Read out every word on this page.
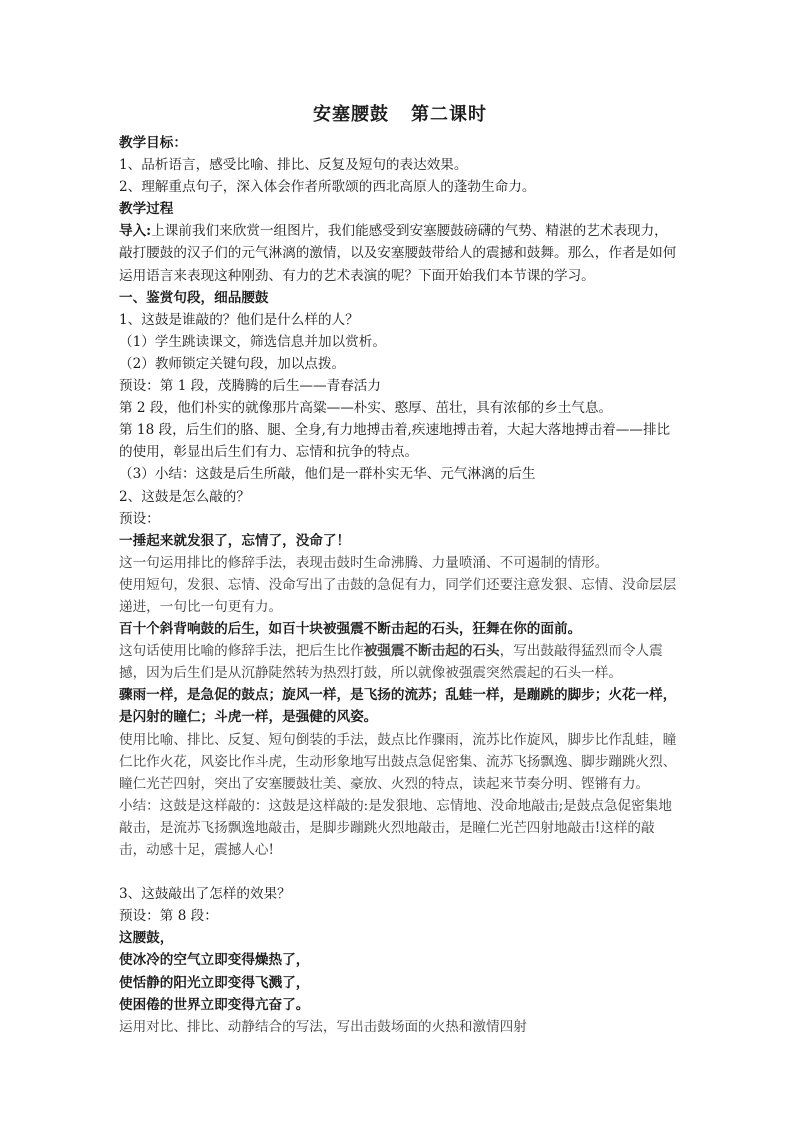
安塞腰鼓 第二课时

教学目标：

1、品析语言，感受比喻、排比、反复及短句的表达效果。

2、理解重点句子，深入体会作者所歌颂的西北高原人的蓬勃生命力。

教学过程

导入:上课前我们来欣赏一组图片，我们能感受到安塞腰鼓磅礴的气势、精湛的艺术表现力，敲打腰鼓的汉子们的元气淋漓的激情，以及安塞腰鼓带给人的震撼和鼓舞。那么，作者是如何运用语言来表现这种刚劲、有力的艺术表演的呢？下面开始我们本节课的学习。

一、鉴赏句段，细品腰鼓

1、这鼓是谁敲的？他们是什么样的人？

（1）学生跳读课文，筛选信息并加以赏析。

（2）教师锁定关键句段，加以点拨。

预设：第 1 段，茂腾腾的后生——青春活力

第 2 段，他们朴实的就像那片高粱——朴实、憨厚、茁壮，具有浓郁的乡土气息。

第 18 段，后生们的胳、腿、全身,有力地搏击着,疾速地搏击着，大起大落地搏击着——排比的使用，彰显出后生们有力、忘情和抗争的特点。

（3）小结：这鼓是后生所敲，他们是一群朴实无华、元气淋漓的后生

2、这鼓是怎么敲的？

预设：

一捶起来就发狠了，忘情了，没命了！

这一句运用排比的修辞手法，表现击鼓时生命沸腾、力量喷涌、不可遏制的情形。

使用短句，发狠、忘情、没命写出了击鼓的急促有力，同学们还要注意发狠、忘情、没命层层递进，一句比一句更有力。

百十个斜背响鼓的后生，如百十块被强震不断击起的石头，狂舞在你的面前。

这句话使用比喻的修辞手法，把后生比作被强震不断击起的石头，写出鼓敲得猛烈而令人震撼，因为后生们是从沉静陡然转为热烈打鼓，所以就像被强震突然震起的石头一样。

骤雨一样，是急促的鼓点；旋风一样，是飞扬的流苏；乱蛙一样，是蹦跳的脚步；火花一样，是闪射的瞳仁；斗虎一样，是强健的风姿。

使用比喻、排比、反复、短句倒装的手法，鼓点比作骤雨，流苏比作旋风，脚步比作乱蛙，瞳仁比作火花，风姿比作斗虎，生动形象地写出鼓点急促密集、流苏飞扬飘逸、脚步蹦跳火烈、瞳仁光芒四射，突出了安塞腰鼓壮美、豪放、火烈的特点，读起来节奏分明、铿锵有力。

小结：这鼓是这样敲的：这鼓是这样敲的:是发狠地、忘情地、没命地敲击;是鼓点急促密集地敲击，是流苏飞扬飘逸地敲击，是脚步蹦跳火烈地敲击，是瞳仁光芒四射地敲击!这样的敲击，动感十足，震撼人心!

3、这鼓敲出了怎样的效果？

预设：第 8 段：

这腰鼓，

使冰冷的空气立即变得燥热了，

使恬静的阳光立即变得飞溅了，

使困倦的世界立即变得亢奋了。

运用对比、排比、动静结合的写法，写出击鼓场面的火热和激情四射
